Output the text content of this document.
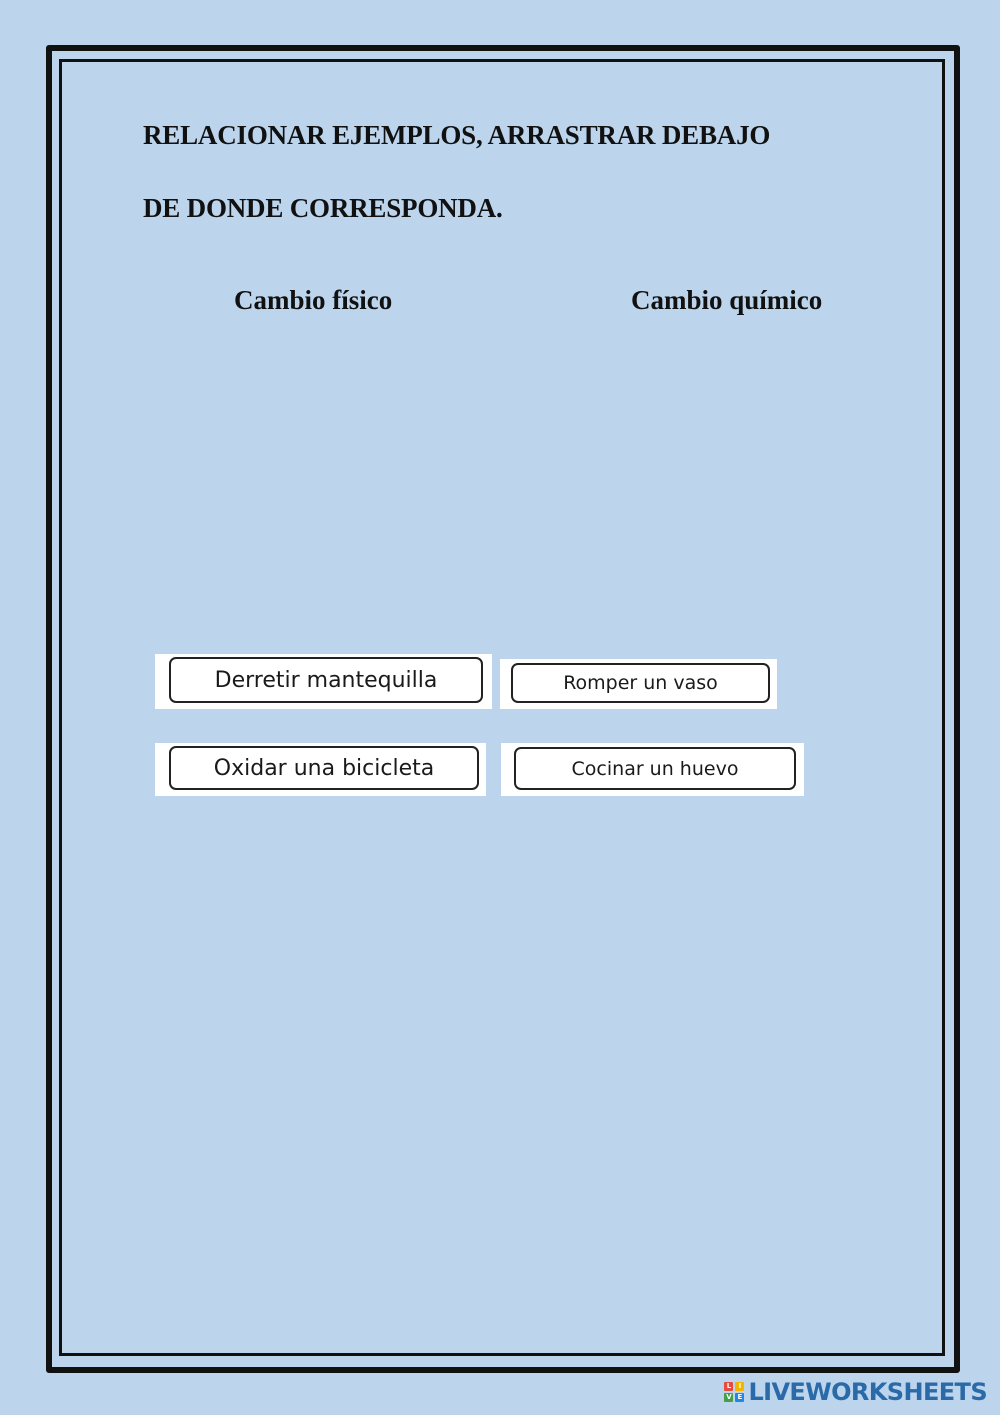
RELACIONAR EJEMPLOS, ARRASTRAR DEBAJO
DE DONDE CORRESPONDA.
Cambio físico	Cambio químico
Derretir mantequilla	Romper un vaso
Oxidar una bicicleta	Cocinar un huevo
L	I
V E LIVEWORKSHEETS
